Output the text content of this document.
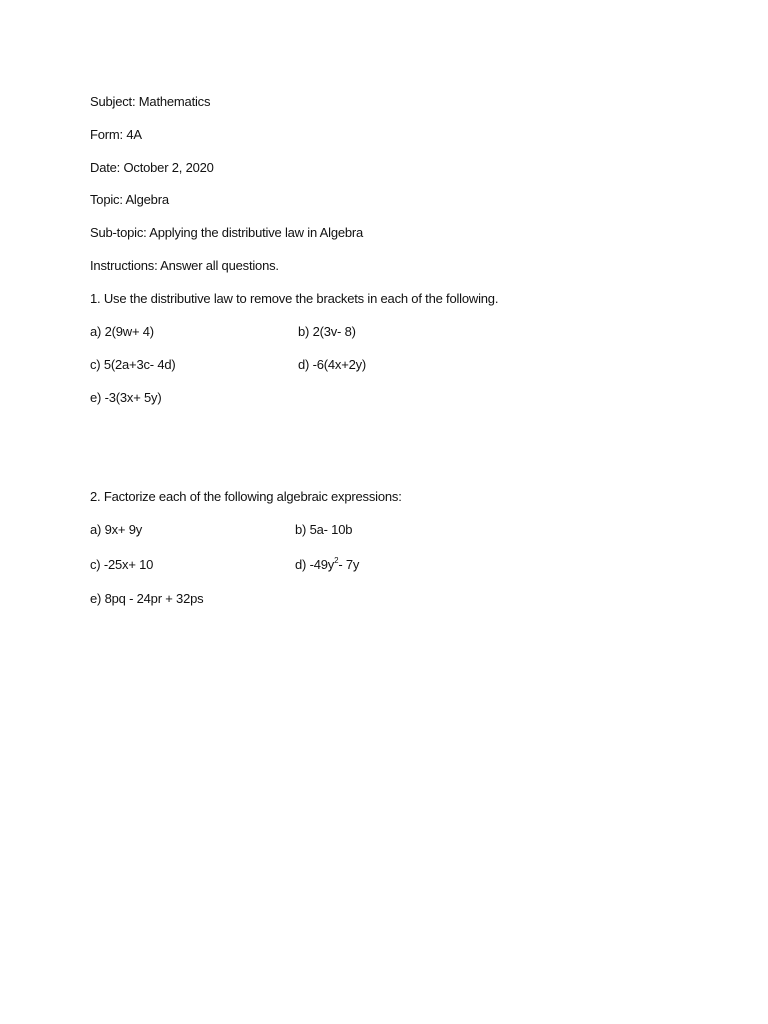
Subject: Mathematics
Form: 4A
Date: October 2, 2020
Topic: Algebra
Sub-topic: Applying the distributive law in Algebra
Instructions: Answer all questions.
1. Use the distributive law to remove the brackets in each of the following.
a) 2(9w+ 4)	b) 2(3v- 8)
c) 5(2a+3c- 4d)	d) -6(4x+2y)
e) -3(3x+ 5y)
2. Factorize each of the following algebraic expressions:
a) 9x+ 9y	b) 5a- 10b
c) -25x+ 10	d) $-49y^2-$ 7y
e) 8pq - 24pr + 32ps
